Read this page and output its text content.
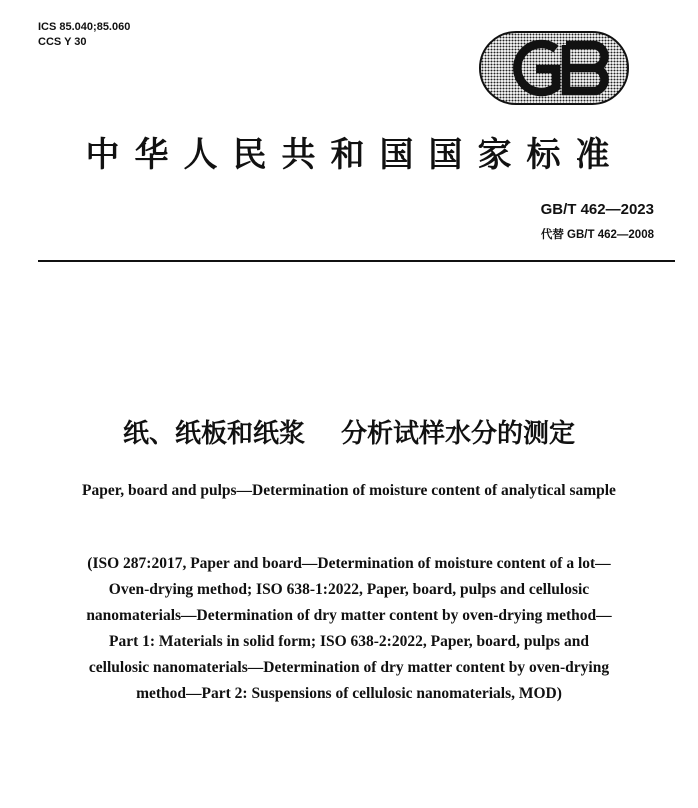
ICS 85.040;85.060
CCS Y 30
中华人民共和国国家标准
GB/T 462—2023
代替 GB/T 462—2008
纸、纸板和纸浆 分析试样水分的测定
Paper, board and pulps—Determination of moisture content of analytical sample
(ISO 287:2017, Paper and board—Determination of moisture content of a lot—
Oven-drying method; ISO 638-1:2022, Paper, board, pulps and cellulosic
nanomaterials—Determination of dry matter content by oven-drying method—
Part 1: Materials in solid form; ISO 638-2:2022, Paper, board, pulps and
cellulosic nanomaterials—Determination of dry matter content by oven-drying
method—Part 2: Suspensions of cellulosic nanomaterials, MOD)
